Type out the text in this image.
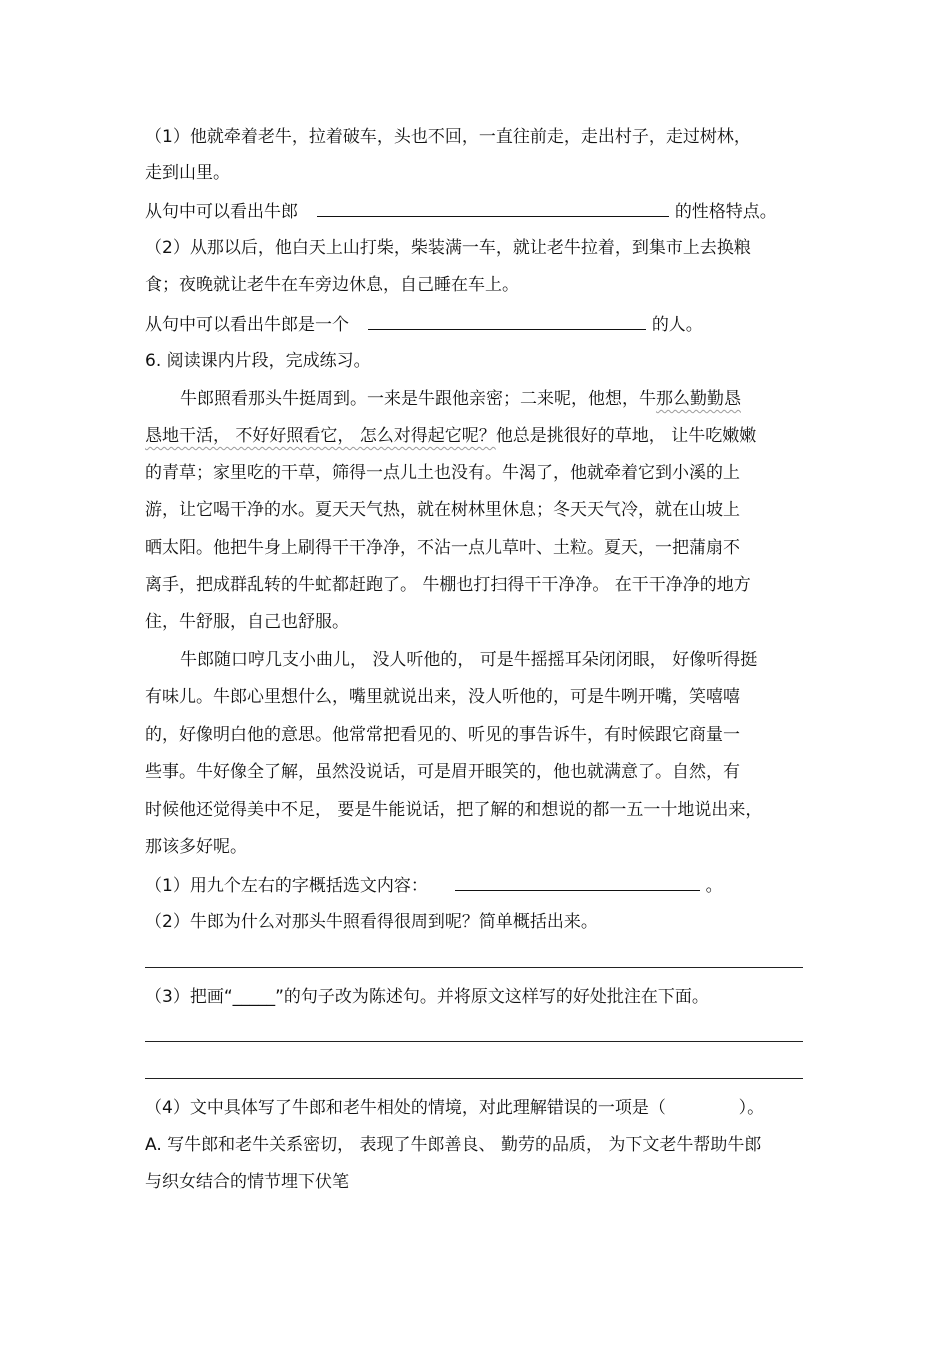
（1）他就牵着老牛，拉着破车，头也不回，一直往前走，走出村子，走过树林，
走到山里。
从句中可以看出牛郎	的性格特点。
（2）从那以后，他白天上山打柴，柴装满一车，就让老牛拉着，到集市上去换粮
食；夜晚就让老牛在车旁边休息，自己睡在车上。
从句中可以看出牛郎是一个	的人。
6. 阅读课内片段，完成练习。
牛郎照看那头牛挺周到。一来是牛跟他亲密；二来呢，他想，牛那么勤勤恳
恳地干活， 不好好照看它， 怎么对得起它呢？他总是挑很好的草地， 让牛吃嫩嫩
的青草；家里吃的干草，筛得一点儿土也没有。牛渴了，他就牵着它到小溪的上
游，让它喝干净的水。夏天天气热，就在树林里休息；冬天天气冷，就在山坡上
晒太阳。他把牛身上刷得干干净净，不沾一点儿草叶、土粒。夏天，一把蒲扇不
离手，把成群乱转的牛虻都赶跑了。 牛棚也打扫得干干净净。 在干干净净的地方
住，牛舒服，自己也舒服。
牛郎随口哼几支小曲儿， 没人听他的， 可是牛摇摇耳朵闭闭眼， 好像听得挺
有味儿。牛郎心里想什么，嘴里就说出来，没人听他的，可是牛咧开嘴，笑嘻嘻
的，好像明白他的意思。他常常把看见的、听见的事告诉牛，有时候跟它商量一
些事。牛好像全了解，虽然没说话，可是眉开眼笑的，他也就满意了。自然，有
时候他还觉得美中不足， 要是牛能说话，把了解的和想说的都一五一十地说出来，
那该多好呢。
（1）用九个左右的字概括选文内容：	。
（2）牛郎为什么对那头牛照看得很周到呢？简单概括出来。
（3）把画“_____”的句子改为陈述句。并将原文这样写的好处批注在下面。
（4）文中具体写了牛郎和老牛相处的情境，对此理解错误的一项是（	）。
A. 写牛郎和老牛关系密切， 表现了牛郎善良、 勤劳的品质， 为下文老牛帮助牛郎
与织女结合的情节埋下伏笔
